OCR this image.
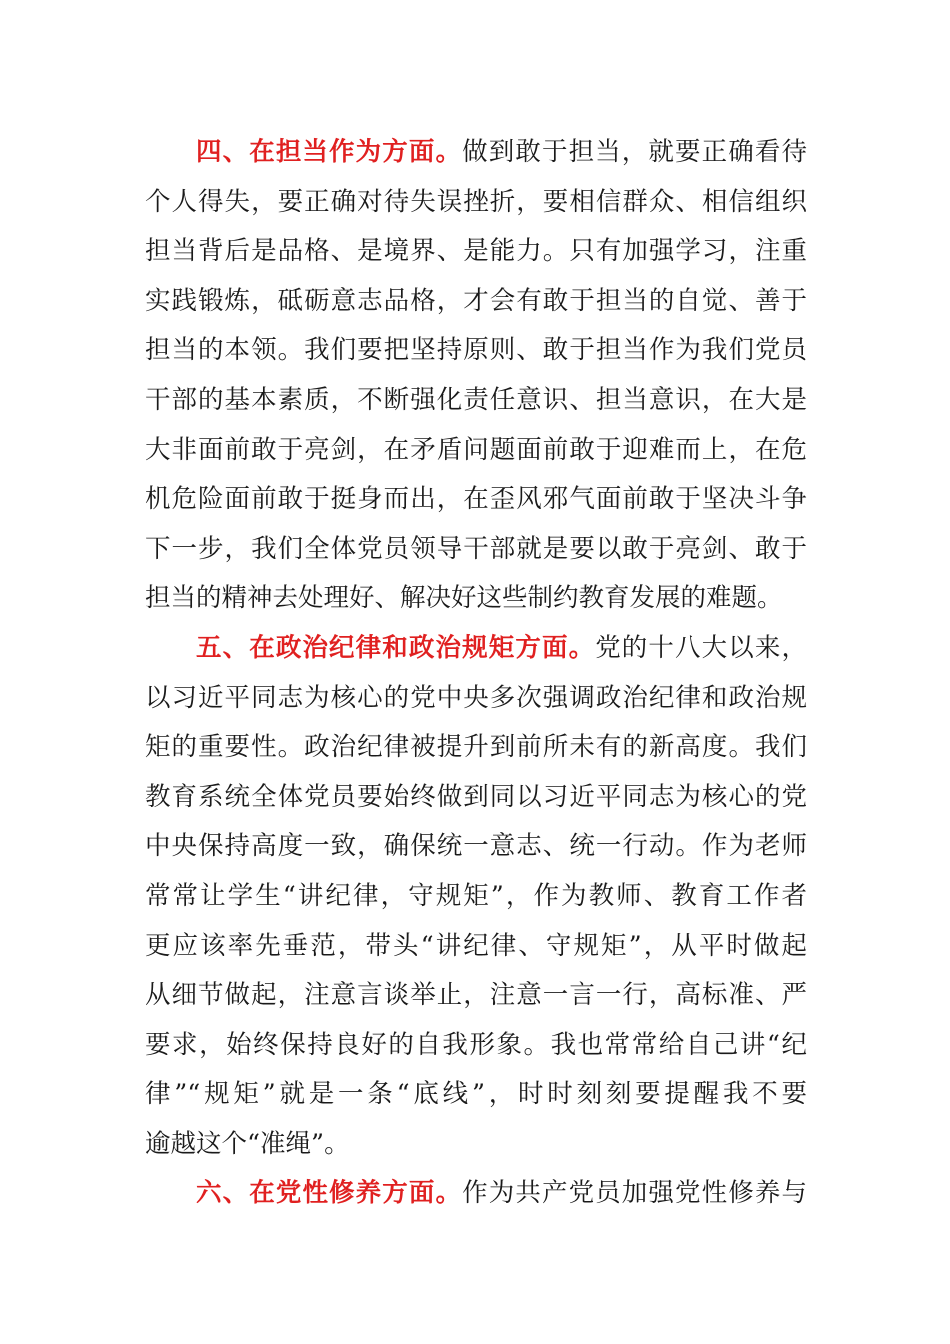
四、在担当作为方面。做到敢于担当，就要正确看待
个人得失，要正确对待失误挫折，要相信群众、相信组织
担当背后是品格、是境界、是能力。只有加强学习，注重
实践锻炼，砥砺意志品格，才会有敢于担当的自觉、善于
担当的本领。我们要把坚持原则、敢于担当作为我们党员
干部的基本素质，不断强化责任意识、担当意识，在大是
大非面前敢于亮剑，在矛盾问题面前敢于迎难而上，在危
机危险面前敢于挺身而出，在歪风邪气面前敢于坚决斗争
下一步，我们全体党员领导干部就是要以敢于亮剑、敢于
担当的精神去处理好、解决好这些制约教育发展的难题。
五、在政治纪律和政治规矩方面。党的十八大以来，
以习近平同志为核心的党中央多次强调政治纪律和政治规
矩的重要性。政治纪律被提升到前所未有的新高度。我们
教育系统全体党员要始终做到同以习近平同志为核心的党
中央保持高度一致，确保统一意志、统一行动。作为老师
常常让学生“讲纪律，守规矩”，作为教师、教育工作者
更应该率先垂范，带头“讲纪律、守规矩”，从平时做起
从细节做起，注意言谈举止，注意一言一行，高标准、严
要求，始终保持良好的自我形象。我也常常给自己讲“纪
律”“规矩”就是一条“底线”，时时刻刻要提醒我不要
逾越这个“准绳”。
六、在党性修养方面。作为共产党员加强党性修养与
